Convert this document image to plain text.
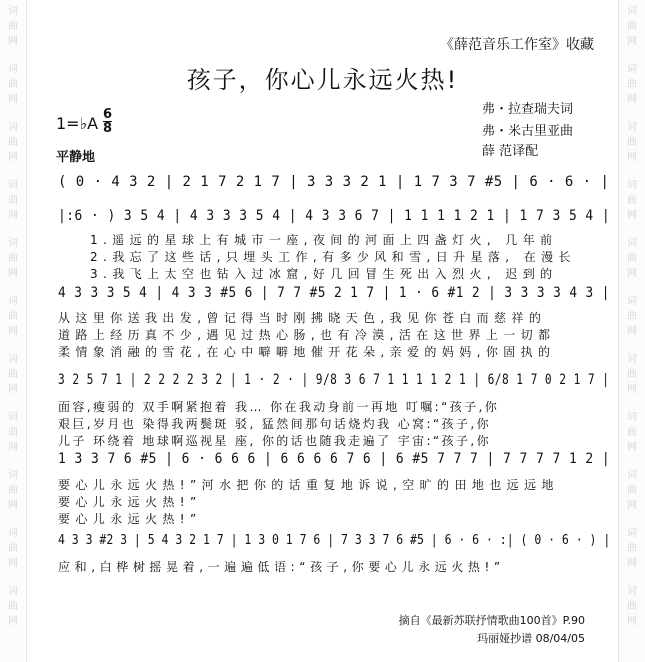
词
曲
网
词
曲
网
词
曲
网
词
曲
网
词
曲
网
词
曲
网
词
曲
网
词
曲
网
词
曲
网
词
曲
网
词
曲
网
词
曲
网
词
曲
网
词
曲
网
词
曲
网
词
曲
网
词
曲
网
词
曲
网
词
曲
网
词
曲
网
词
曲
网
词
曲
网
《薛范音乐工作室》收藏
孩子，你心儿永远火热!
弗・拉查瑞夫词
弗・米古里亚曲
薛 范译配
1=♭A $\frac{6}{8}$
平静地
( 0 · 4 3 2 | 2 1 7 2 1 7 | 3 3 3 2 1 | 1 7 3 7 #5 | 6 · 6 · |
|:6 · ) 3 5 4 | 4 3 3 3 5 4 | 4 3 3 6 7 | 1 1 1 1 2 1 | 1 7 3 5 4 |
1.遥远的星球上有城市一座,夜间的河面上四盏灯火, 几年前
2.我忘了这些话,只埋头工作,有多少风和雪,日升星落, 在漫长
3.我飞上太空也钻入过冰窟,好几回冒生死出入烈火, 迟到的
4 3 3 3 5 4 | 4 3 3 #5 6 | 7 7 #5 2 1 7 | 1 · 6 #1 2 | 3 3 3 3 4 3 |
从这里你送我出发,曾记得当时刚拂晓天色,我见你苍白而慈祥的
道路上经历真不少,遇见过热心肠,也有冷漠,活在这世界上一切都
柔情象消融的雪花,在心中噼噼地催开花朵,亲爱的妈妈,你固执的
3 2 5 7 1 | 2 2 2 2 3 2 | 1 · 2 · | 9/8 3 6 7 1 1 1 1 2 1 | 6/8 1 7 0 2 1 7 |
面容,瘦弱的 双手啊紧抱着 我… 你在我动身前一再地 叮嘱:“孩子,你
艰巨,岁月也 染得我两鬓斑 驳, 猛然间那句话烧灼我 心窝:“孩子,你
儿子 环绕着 地球啊巡视星 座, 你的话也随我走遍了 宇宙:“孩子,你
1 3 3 7 6 #5 | 6 · 6 6 6 | 6 6 6 6 7 6 | 6 #5 7 7 7 | 7 7 7 7 1 2 |
要心儿永远火热!”河水把你的话重复地诉说,空旷的田地也远远地
要心儿永远火热!”
要心儿永远火热!”
4 3 3 #2 3 | 5 4 3 2 1 7 | 1 3 0 1 7 6 | 7 3 3 7 6 #5 | 6 · 6 · :| ( 0 · 6 · ) |
应和,白桦树摇晃着,一遍遍低语:“孩子,你要心儿永远火热!”
摘自《最新苏联抒情歌曲100首》P.90
玛丽娅抄谱 08/04/05
